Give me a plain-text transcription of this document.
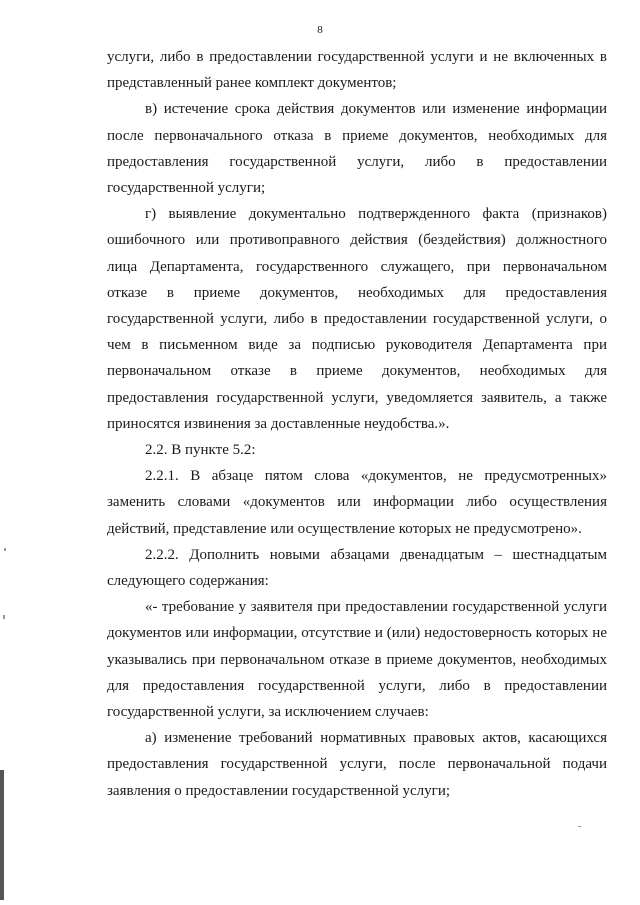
8

услуги, либо в предоставлении государственной услуги и не включенных в представленный ранее комплект документов;

в) истечение срока действия документов или изменение информации после первоначального отказа в приеме документов, необходимых для предоставления государственной услуги, либо в предоставлении государственной услуги;

г) выявление документально подтвержденного факта (признаков) ошибочного или противоправного действия (бездействия) должностного лица Департамента, государственного служащего, при первоначальном отказе в приеме документов, необходимых для предоставления государственной услуги, либо в предоставлении государственной услуги, о чем в письменном виде за подписью руководителя Департамента при первоначальном отказе в приеме документов, необходимых для предоставления государственной услуги, уведомляется заявитель, а также приносятся извинения за доставленные неудобства.».

2.2. В пункте 5.2:

2.2.1. В абзаце пятом слова «документов, не предусмотренных» заменить словами «документов или информации либо осуществления действий, представление или осуществление которых не предусмотрено».

2.2.2. Дополнить новыми абзацами двенадцатым – шестнадцатым следующего содержания:

«- требование у заявителя при предоставлении государственной услуги документов или информации, отсутствие и (или) недостоверность которых не указывались при первоначальном отказе в приеме документов, необходимых для предоставления государственной услуги, либо в предоставлении государственной услуги, за исключением случаев:

а) изменение требований нормативных правовых актов, касающихся предоставления государственной услуги, после первоначальной подачи заявления о предоставлении государственной услуги;
